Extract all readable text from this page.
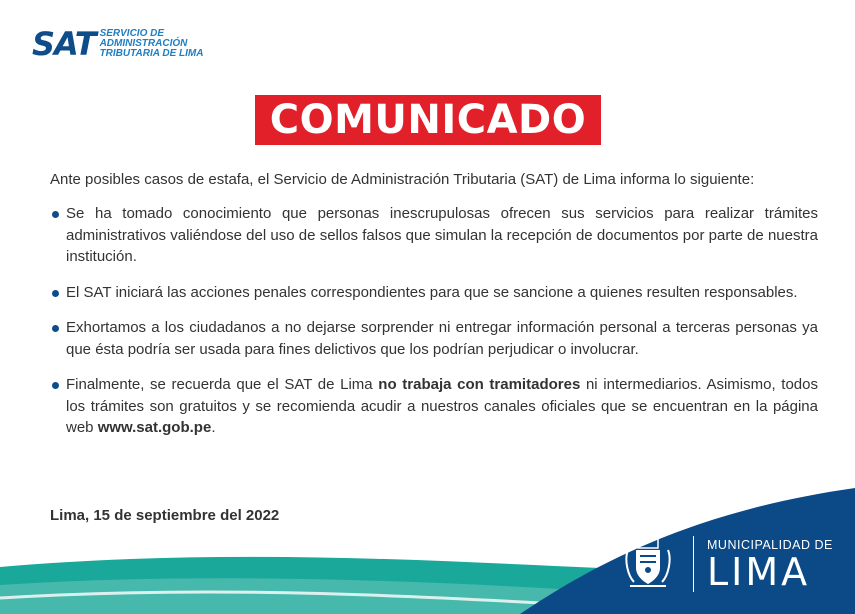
SAT SERVICIO DE
ADMINISTRACIÓN
TRIBUTARIA DE LIMA
COMUNICADO

Ante posibles casos de estafa, el Servicio de Administración Tributaria (SAT) de Lima informa lo siguiente:

Se ha tomado conocimiento que personas inescrupulosas ofrecen sus servicios para realizar trámites administrativos valiéndose del uso de sellos falsos que simulan la recepción de documentos por parte de nuestra institución.
El SAT iniciará las acciones penales correspondientes para que se sancione a quienes resulten responsables.
Exhortamos a los ciudadanos a no dejarse sorprender ni entregar información personal a terceras personas ya que ésta podría ser usada para fines delictivos que los podrían perjudicar o involucrar.
Finalmente, se recuerda que el SAT de Lima no trabaja con tramitadores ni intermediarios. Asimismo, todos los trámites son gratuitos y se recomienda acudir a nuestros canales oficiales que se encuentran en la página web www.sat.gob.pe.
Lima, 15 de septiembre del 2022
MUNICIPALIDAD DE
LIMA
